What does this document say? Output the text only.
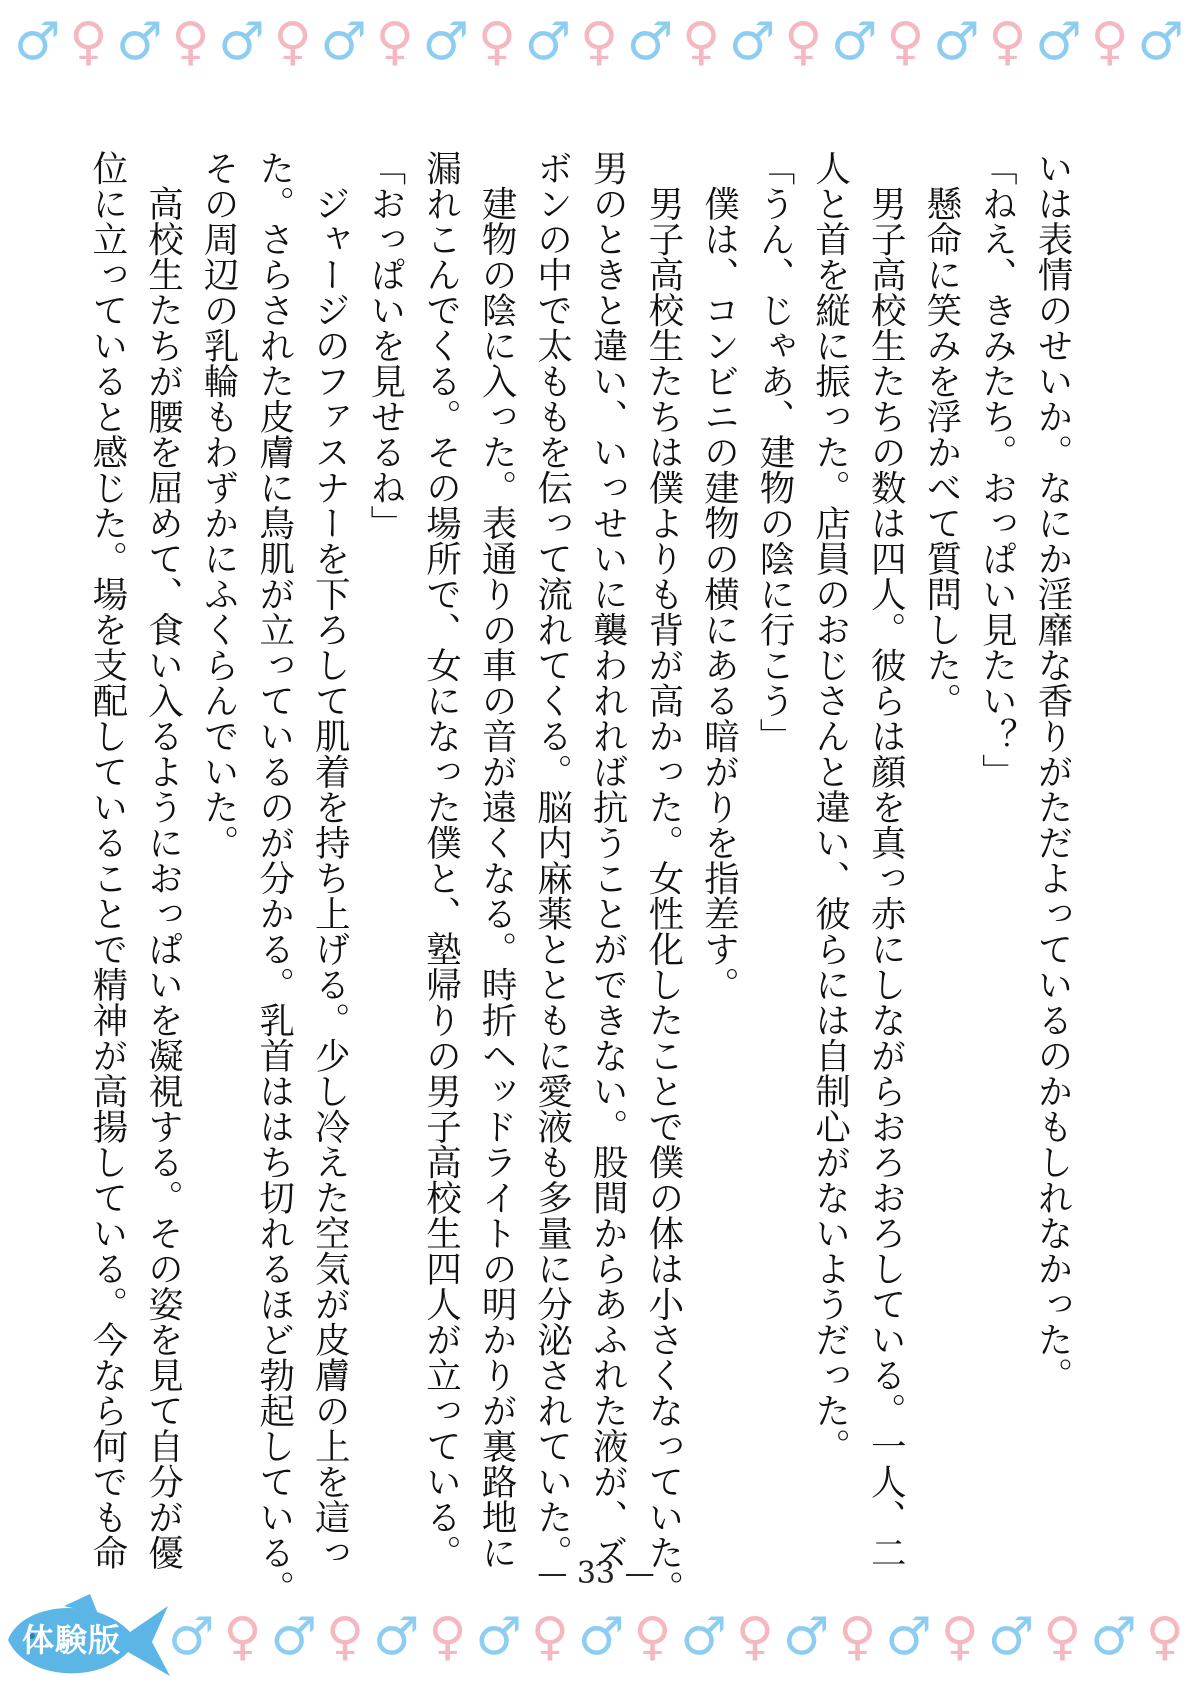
♂ ♀ ♂ ♀ ♂ ♀ ♂ ♀ ♂ ♀ ♂ ♀ ♂ ♀ ♂ ♀ ♂ ♀ ♂ ♀ ♂ ♀ ♂
いは表情のせいか。なにか淫靡な香りがただよっているのかもしれなかった。
「ねえ、きみたち。おっぱい見たい？」
　懸命に笑みを浮かべて質問した。
　男子高校生たちの数は四人。彼らは顔を真っ赤にしながらおろおろしている。一人、二
人と首を縦に振った。店員のおじさんと違い、彼らには自制心がないようだった。
「うん、じゃあ、建物の陰に行こう」
　僕は、コンビニの建物の横にある暗がりを指差す。
　男子高校生たちは僕よりも背が高かった。女性化したことで僕の体は小さくなっていた。
男のときと違い、いっせいに襲われれば抗うことができない。股間からあふれた液が、ズ
ボンの中で太ももを伝って流れてくる。脳内麻薬とともに愛液も多量に分泌されていた。
　建物の陰に入った。表通りの車の音が遠くなる。時折ヘッドライトの明かりが裏路地に
漏れこんでくる。その場所で、女になった僕と、塾帰りの男子高校生四人が立っている。
「おっぱいを見せるね」
　ジャージのファスナーを下ろして肌着を持ち上げる。少し冷えた空気が皮膚の上を這っ
た。さらされた皮膚に鳥肌が立っているのが分かる。乳首ははち切れるほど勃起している。
その周辺の乳輪もわずかにふくらんでいた。
　高校生たちが腰を屈めて、食い入るようにおっぱいを凝視する。その姿を見て自分が優
位に立っていると感じた。場を支配していることで精神が高揚している。今なら何でも命
— 33 —
♂ ♀ ♂ ♀ ♂ ♀ ♂ ♀ ♂ ♀ ♂ ♀ ♂ ♀ ♂ ♀ ♂ ♀ ♂ ♀
体験版
